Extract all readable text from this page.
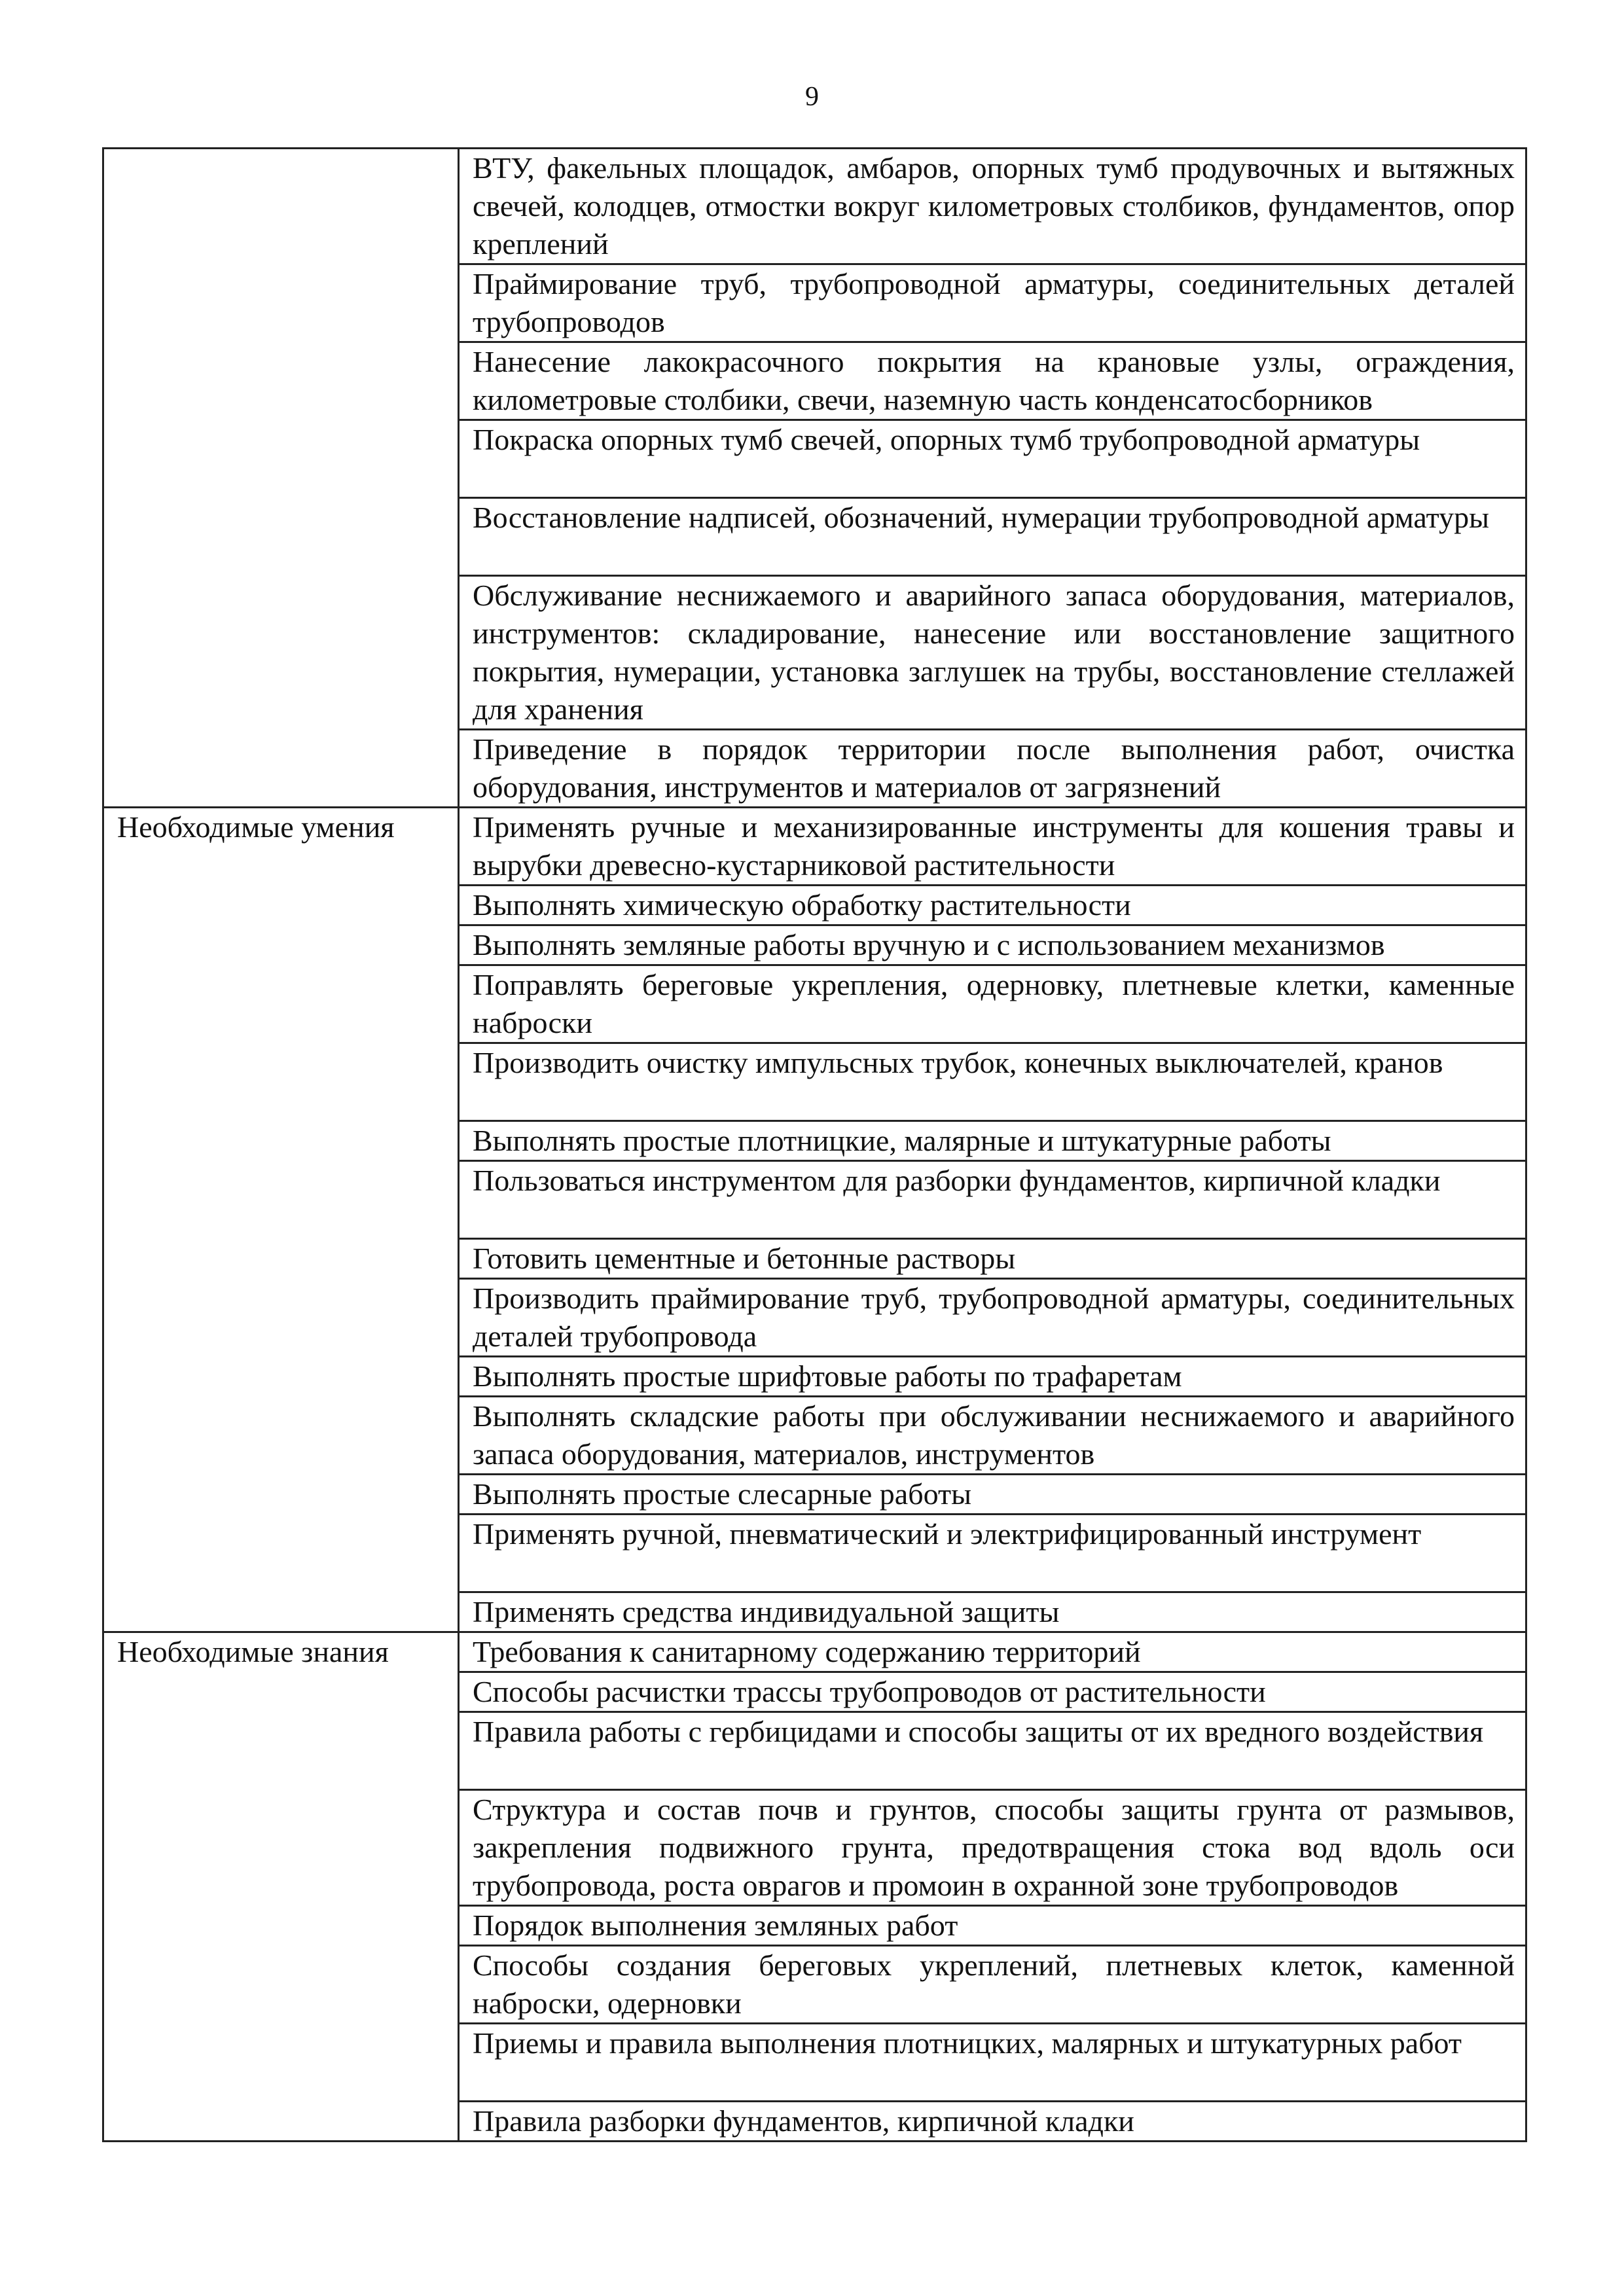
9
	ВТУ, факельных площадок, амбаров, опорных тумб продувочных и вытяжных свечей, колодцев, отмостки вокруг километровых столбиков, фундаментов, опор креплений
	Праймирование труб, трубопроводной арматуры, соединительных деталей трубопроводов
	Нанесение лакокрасочного покрытия на крановые узлы, ограждения, километровые столбики, свечи, наземную часть конденсатосборников
	Покраска опорных тумб свечей, опорных тумб трубопроводной арматуры
	Восстановление надписей, обозначений, нумерации трубопроводной арматуры
	Обслуживание неснижаемого и аварийного запаса оборудования, материалов, инструментов: складирование, нанесение или восстановление защитного покрытия, нумерации, установка заглушек на трубы, восстановление стеллажей для хранения
	Приведение в порядок территории после выполнения работ, очистка оборудования, инструментов и материалов от загрязнений
Необходимые умения	Применять ручные и механизированные инструменты для кошения травы и вырубки древесно-кустарниковой растительности
	Выполнять химическую обработку растительности
	Выполнять земляные работы вручную и с использованием механизмов
	Поправлять береговые укрепления, одерновку, плетневые клетки, каменные наброски
	Производить очистку импульсных трубок, конечных выключателей, кранов
	Выполнять простые плотницкие, малярные и штукатурные работы
	Пользоваться инструментом для разборки фундаментов, кирпичной кладки
	Готовить цементные и бетонные растворы
	Производить праймирование труб, трубопроводной арматуры, соединительных деталей трубопровода
	Выполнять простые шрифтовые работы по трафаретам
	Выполнять складские работы при обслуживании неснижаемого и аварийного запаса оборудования, материалов, инструментов
	Выполнять простые слесарные работы
	Применять ручной, пневматический и электрифицированный инструмент
	Применять средства индивидуальной защиты
Необходимые знания	Требования к санитарному содержанию территорий
	Способы расчистки трассы трубопроводов от растительности
	Правила работы с гербицидами и способы защиты от их вредного воздействия
	Структура и состав почв и грунтов, способы защиты грунта от размывов, закрепления подвижного грунта, предотвращения стока вод вдоль оси трубопровода, роста оврагов и промоин в охранной зоне трубопроводов
	Порядок выполнения земляных работ
	Способы создания береговых укреплений, плетневых клеток, каменной наброски, одерновки
	Приемы и правила выполнения плотницких, малярных и штукатурных работ
	Правила разборки фундаментов, кирпичной кладки
